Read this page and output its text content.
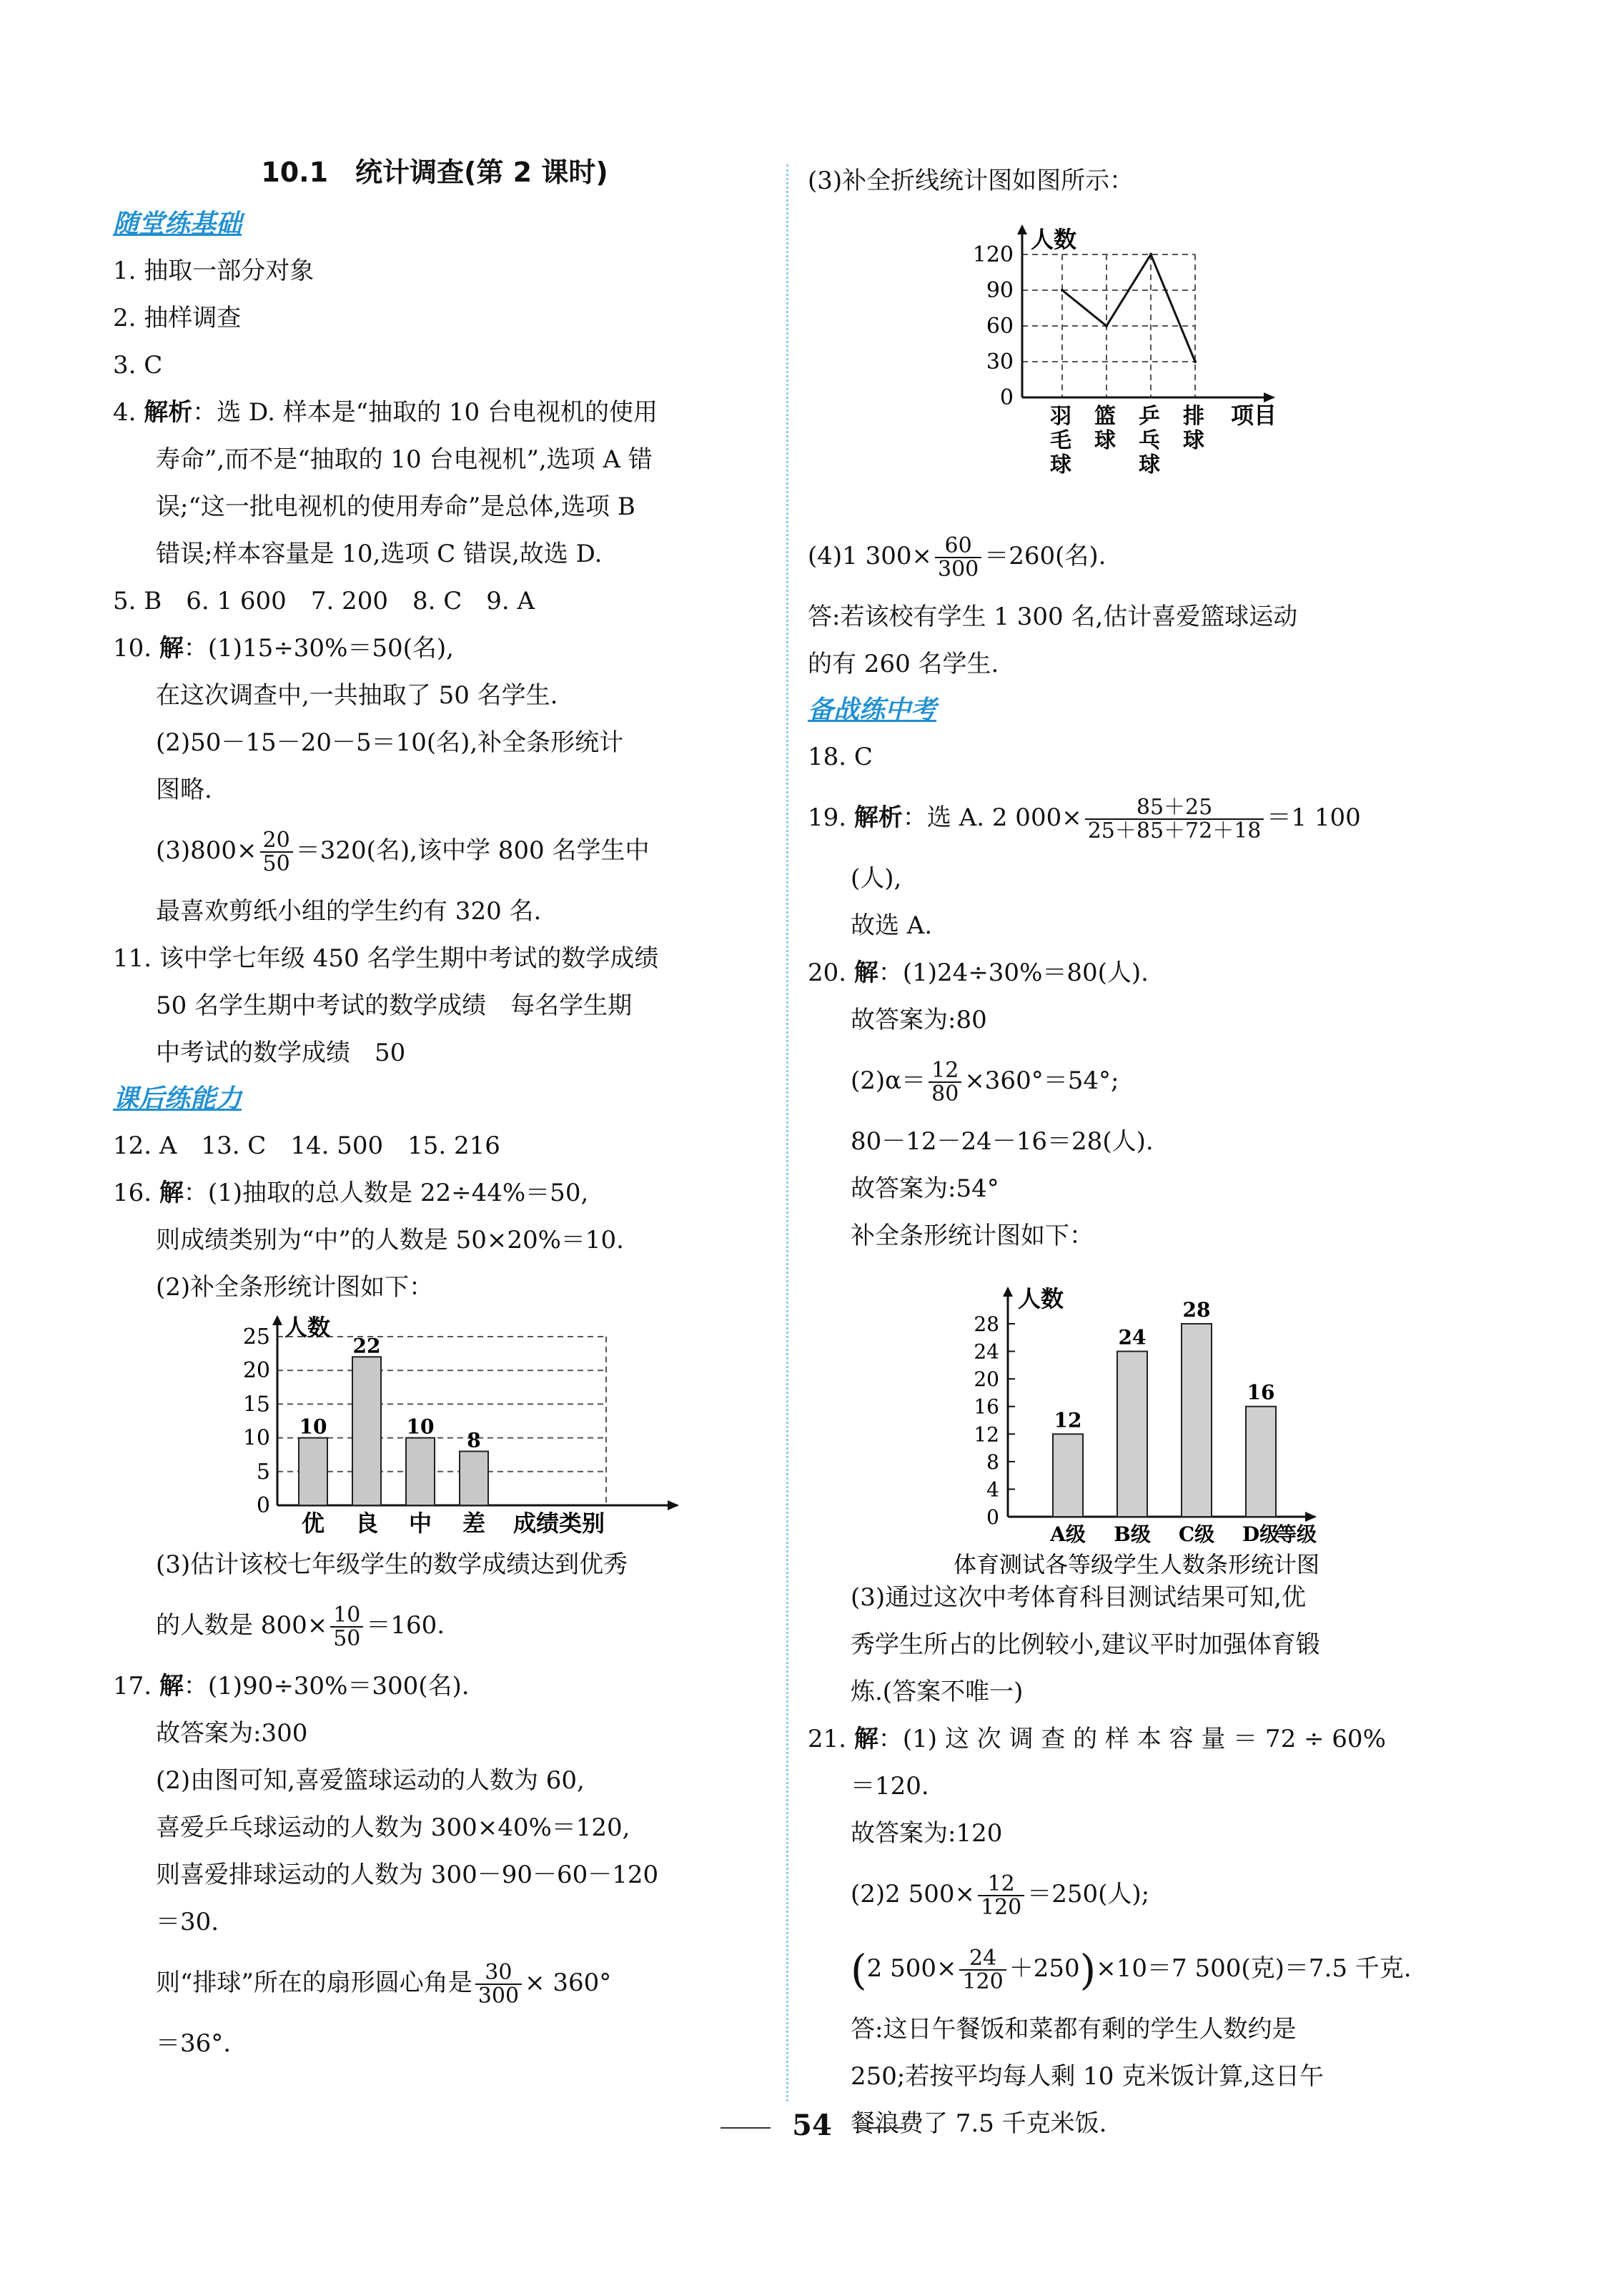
10.1　统计调查(第 2 课时)
随堂练基础
1. 抽取一部分对象
2. 抽样调查
3. C
4. 解析：选 D. 样本是“抽取的 10 台电视机的使用
寿命”,而不是“抽取的 10 台电视机”,选项 A 错
误;“这一批电视机的使用寿命”是总体,选项 B
错误;样本容量是 10,选项 C 错误,故选 D.
5. B　6. 1 600　7. 200　8. C　9. A
10. 解：(1)15÷30%＝50(名),
在这次调查中,一共抽取了 50 名学生.
(2)50－15－20－5＝10(名),补全条形统计
图略.
$(3)800\times \frac{20}{50} =320$(名),该中学 800 名学生中
最喜欢剪纸小组的学生约有 320 名.
11. 该中学七年级 450 名学生期中考试的数学成绩
50 名学生期中考试的数学成绩　每名学生期
中考试的数学成绩　50
课后练能力
12. A　13. C　14. 500　15. 216
16. 解：(1)抽取的总人数是 22÷44%＝50,
则成绩类别为“中”的人数是 50×20%＝10.
(2)补全条形统计图如下：
0
5
10
15
20
25 人数
10
优
22
良
10
中
8
差 成绩类别
(3)估计该校七年级学生的数学成绩达到优秀
的人数是 $800\times \frac{10}{50} =160$.
17. 解：(1)90÷30%＝300(名).
故答案为:300
(2)由图可知,喜爱篮球运动的人数为 60,
喜爱乒乓球运动的人数为 300×40%＝120,
则喜爱排球运动的人数为 300－90－60－120
＝30.
则“排球”所在的扇形圆心角是 $\frac{30}{300} \times 360^\circ$
＝36°.
(3)补全折线统计图如图所示：
0
30
60
90
120
人数
羽
毛
球
篮
球
乒
乓
球
排
球
项目
(4)1 $300\times \frac{60}{300} =260$(名).
答:若该校有学生 1 300 名,估计喜爱篮球运动
的有 260 名学生.
备战练中考
18. C
19. 解析：选 A. 2 $000\times \frac{85+25}{25+85+72+18} =1$ 100
(人),
故选 A.
20. 解：(1)24÷30%＝80(人).
故答案为:80
$(2)\alpha= \frac{12}{80} \times 360^\circ=54^\circ$;
80－12－24－16＝28(人).
故答案为:54°
补全条形统计图如下：
0
4
8
12
16
20
24
28
人数
12
A级
24
B级
28
C级
16
D级
等级
体育测试各等级学生人数条形统计图
(3)通过这次中考体育科目测试结果可知,优
秀学生所占的比例较小,建议平时加强体育锻
炼.(答案不唯一)
21. 解：(1) 这 次 调 查 的 样 本 容 量 ＝ 72 ÷ 60%
＝120.
故答案为:120
(2)2 $500\times \frac{12}{120} =250$(人);
(2 $500\times \frac{24}{120} +250)\times 10=7$ 500(克)＝7.5 千克.
答:这日午餐饭和菜都有剩的学生人数约是
250;若按平均每人剩 10 克米饭计算,这日午
餐浪费了 7.5 千克米饭.
54
